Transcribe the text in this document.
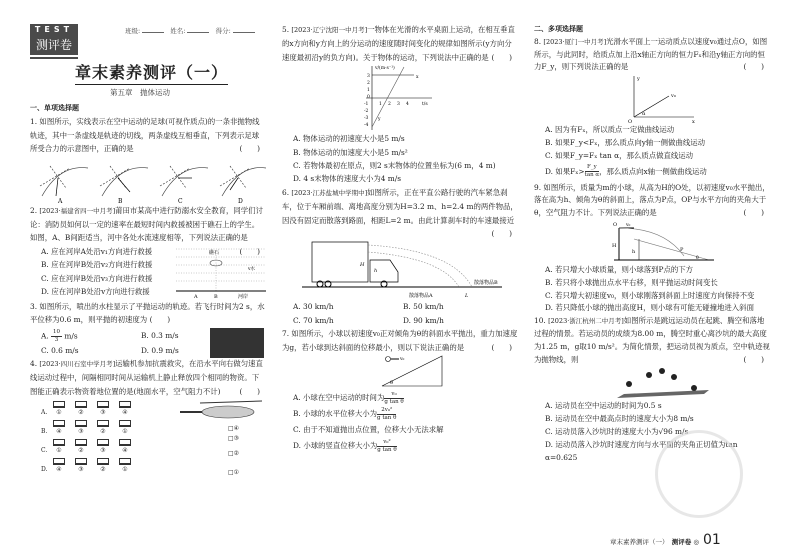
TEST
测评卷
班级:	姓名:	得分:
章末素养测评（一）
第五章　抛体运动
一、单项选择题
1. 如图所示，实线表示在空中运动的足球(可视作质点)的一条非抛物线轨迹，其中一条虚线是轨迹的切线，两条虚线互相垂直，下列表示足球所受合力的示意图中，正确的是	(　　)
A	B	C	D
2. [2023·福建省四一中月考]莆田市某高中进行防溺水安全教育，同学们讨论：消防员如何以一定的速率在最短时间内救援被困于礁石上的学生。如图，A、B间距适当，河中各处水流速度相等，下列说法正确的是
(　　)
A. 应在河岸A处沿v₁方向进行救援
B. 应在河岸B处沿v₂方向进行救援
C. 应在河岸B处沿v₃方向进行救援
D. 应在河岸B处沿v方向进行救援
礁石
A	B	河岸
v水
3. 如图所示，喷出的水柱显示了平抛运动的轨迹。若飞行时间为2 s，水平位移为0.6 m，则平抛的初速度为 (　　)
A. $\frac{10}{3} m/s$	B. 0.3 m/s
C. 0.6 m/s	D. 0.9 m/s
4. [2023·四川石室中学月考]运输机参加抗震救灾，在沿水平向右做匀速直线运动过程中，间隔相同时间从运输机上静止释放四个相同的物资。下图能正确表示物资着地位置的是(地面水平，空气阻力不计)	(　　)
A.	①	②	③	④
B.	④	③	②	①
C.	①	②	③	④
D.	④	③	②	①
□④
□③
□②
□①
5. [2023·辽宁沈阳一中月考]一物体在光滑的水平桌面上运动，在相互垂直的x方向和y方向上的分运动的速度随时间变化的规律如图所示(y方向分速度最初沿y的负方向)。关于物体的运动，下列说法中正确的是 (　　)
v/(m·s⁻¹)
t/s
x
y
1 2 3 4
3
2
1
0
-1
-2
-3
-4
A. 物体运动的初速度大小是5 m/s
B. 物体运动的加速度大小是5 m/s²
C. 若物体最初在原点，则2 s末物体的位置坐标为(6 m，4 m)
D. 4 s末物体的速度大小为4 m/s
6. [2023·江苏盐城中学期中]如图所示，正在平直公路行驶的汽车紧急刹车，位于车厢前端、离地高度分别为H=3.2 m、h=2.4 m的两件物品，因没有固定而散落到路面，相距L=2 m。由此计算刹车时的车速最接近
(　　)
H
h
散落物品B
散落物品A	L
A. 30 km/h	B. 50 km/h
C. 70 km/h	D. 90 km/h
7. 如图所示，小球以初速度v₀正对倾角为θ的斜面水平抛出，重力加速度为g，若小球到达斜面的位移最小，则以下说法正确的是	(　　)
v₀
θ
A. 小球在空中运动的时间为 $\frac{\text{v₀}}{\text{g tan θ}}$
B. 小球的水平位移大小为 $\frac{\text{2v₀²}}{\text{g tan θ}}$
C. 由于不知道抛出点位置，位移大小无法求解
D. 小球的竖直位移大小为 $\frac{\text{v₀²}}{\text{g tan θ}}$
二、多项选择题
8. [2023·厦门一中月考]光滑水平面上一运动质点以速度v₀通过点O，如图所示，与此同时，给质点加上沿x轴正方向的恒力Fₓ和沿y轴正方向的恒力F_y，则下列说法正确的是	(　　)
O	x
y
v₀
α
A. 因为有Fₓ，所以质点一定做曲线运动
B. 如果F_y<Fₓ，那么质点向y轴一侧做曲线运动
C. 如果F_y=Fₓ tan α，那么质点做直线运动
D. 如果$F_x> \frac{F\_y}{\text{tan α}}$ ，那么质点向x轴一侧做曲线运动
9. 如图所示，质量为m的小球，从高为H的O处，以初速度v₀水平抛出，落在高为h、倾角为θ的斜面上，落点为P点，OP与水平方向的夹角大于θ，空气阻力不计。下列说法正确的是	(　　)
O v₀
H
h	P
θ
A. 若只增大小球质量，则小球落到P点的下方
B. 若只将小球抛出点水平右移，则平抛运动时间变长
C. 若只增大初速度v₀，则小球刚落到斜面上时速度方向保持不变
D. 若只降低小球的抛出高度H，则小球有可能无碰撞地进入斜面
10. [2023·浙江杭州二中月考]如图所示是跳远运动员在起跳、腾空和落地过程的情景。若运动员的成绩为8.00 m，腾空时重心离沙坑的最大高度为1.25 m，g取10 m/s²。为简化情景，把运动员视为质点，空中轨迹视为抛物线，则	(　　)
A. 运动员在空中运动的时间为0.5 s
B. 运动员在空中最高点时的速度大小为8 m/s
C. 运动员落入沙坑时的速度大小为√96 m/s
D. 运动员落入沙坑时速度方向与水平面的夹角正切值为tan α=0.625
章末素养测评（一）　 测评卷 ◎ 01
